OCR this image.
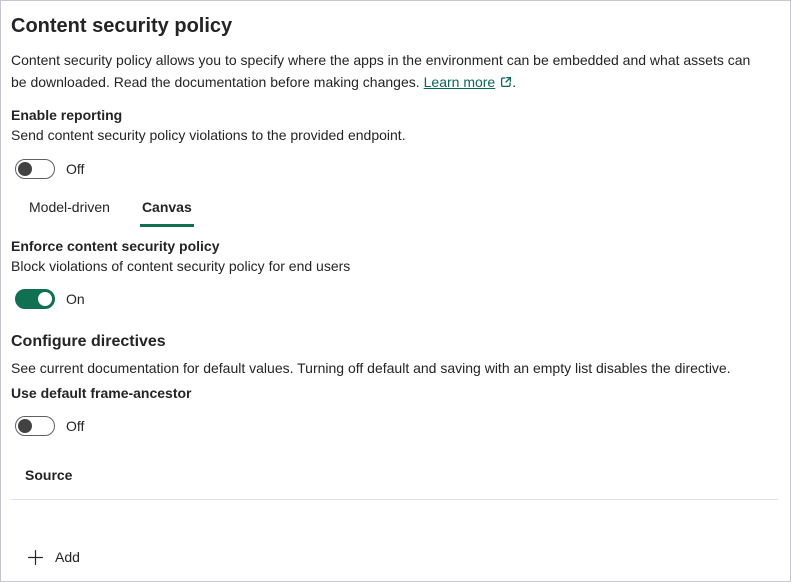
Content security policy

Content security policy allows you to specify where the apps in the environment can be embedded and what assets can be downloaded. Read the documentation before making changes. Learn more .

Enable reporting
Send content security policy violations to the provided endpoint.
Off
Model-driven Canvas
Enforce content security policy
Block violations of content security policy for end users
On
Configure directives

See current documentation for default values. Turning off default and saving with an empty list disables the directive.

Use default frame-ancestor
Off
Source
Add
